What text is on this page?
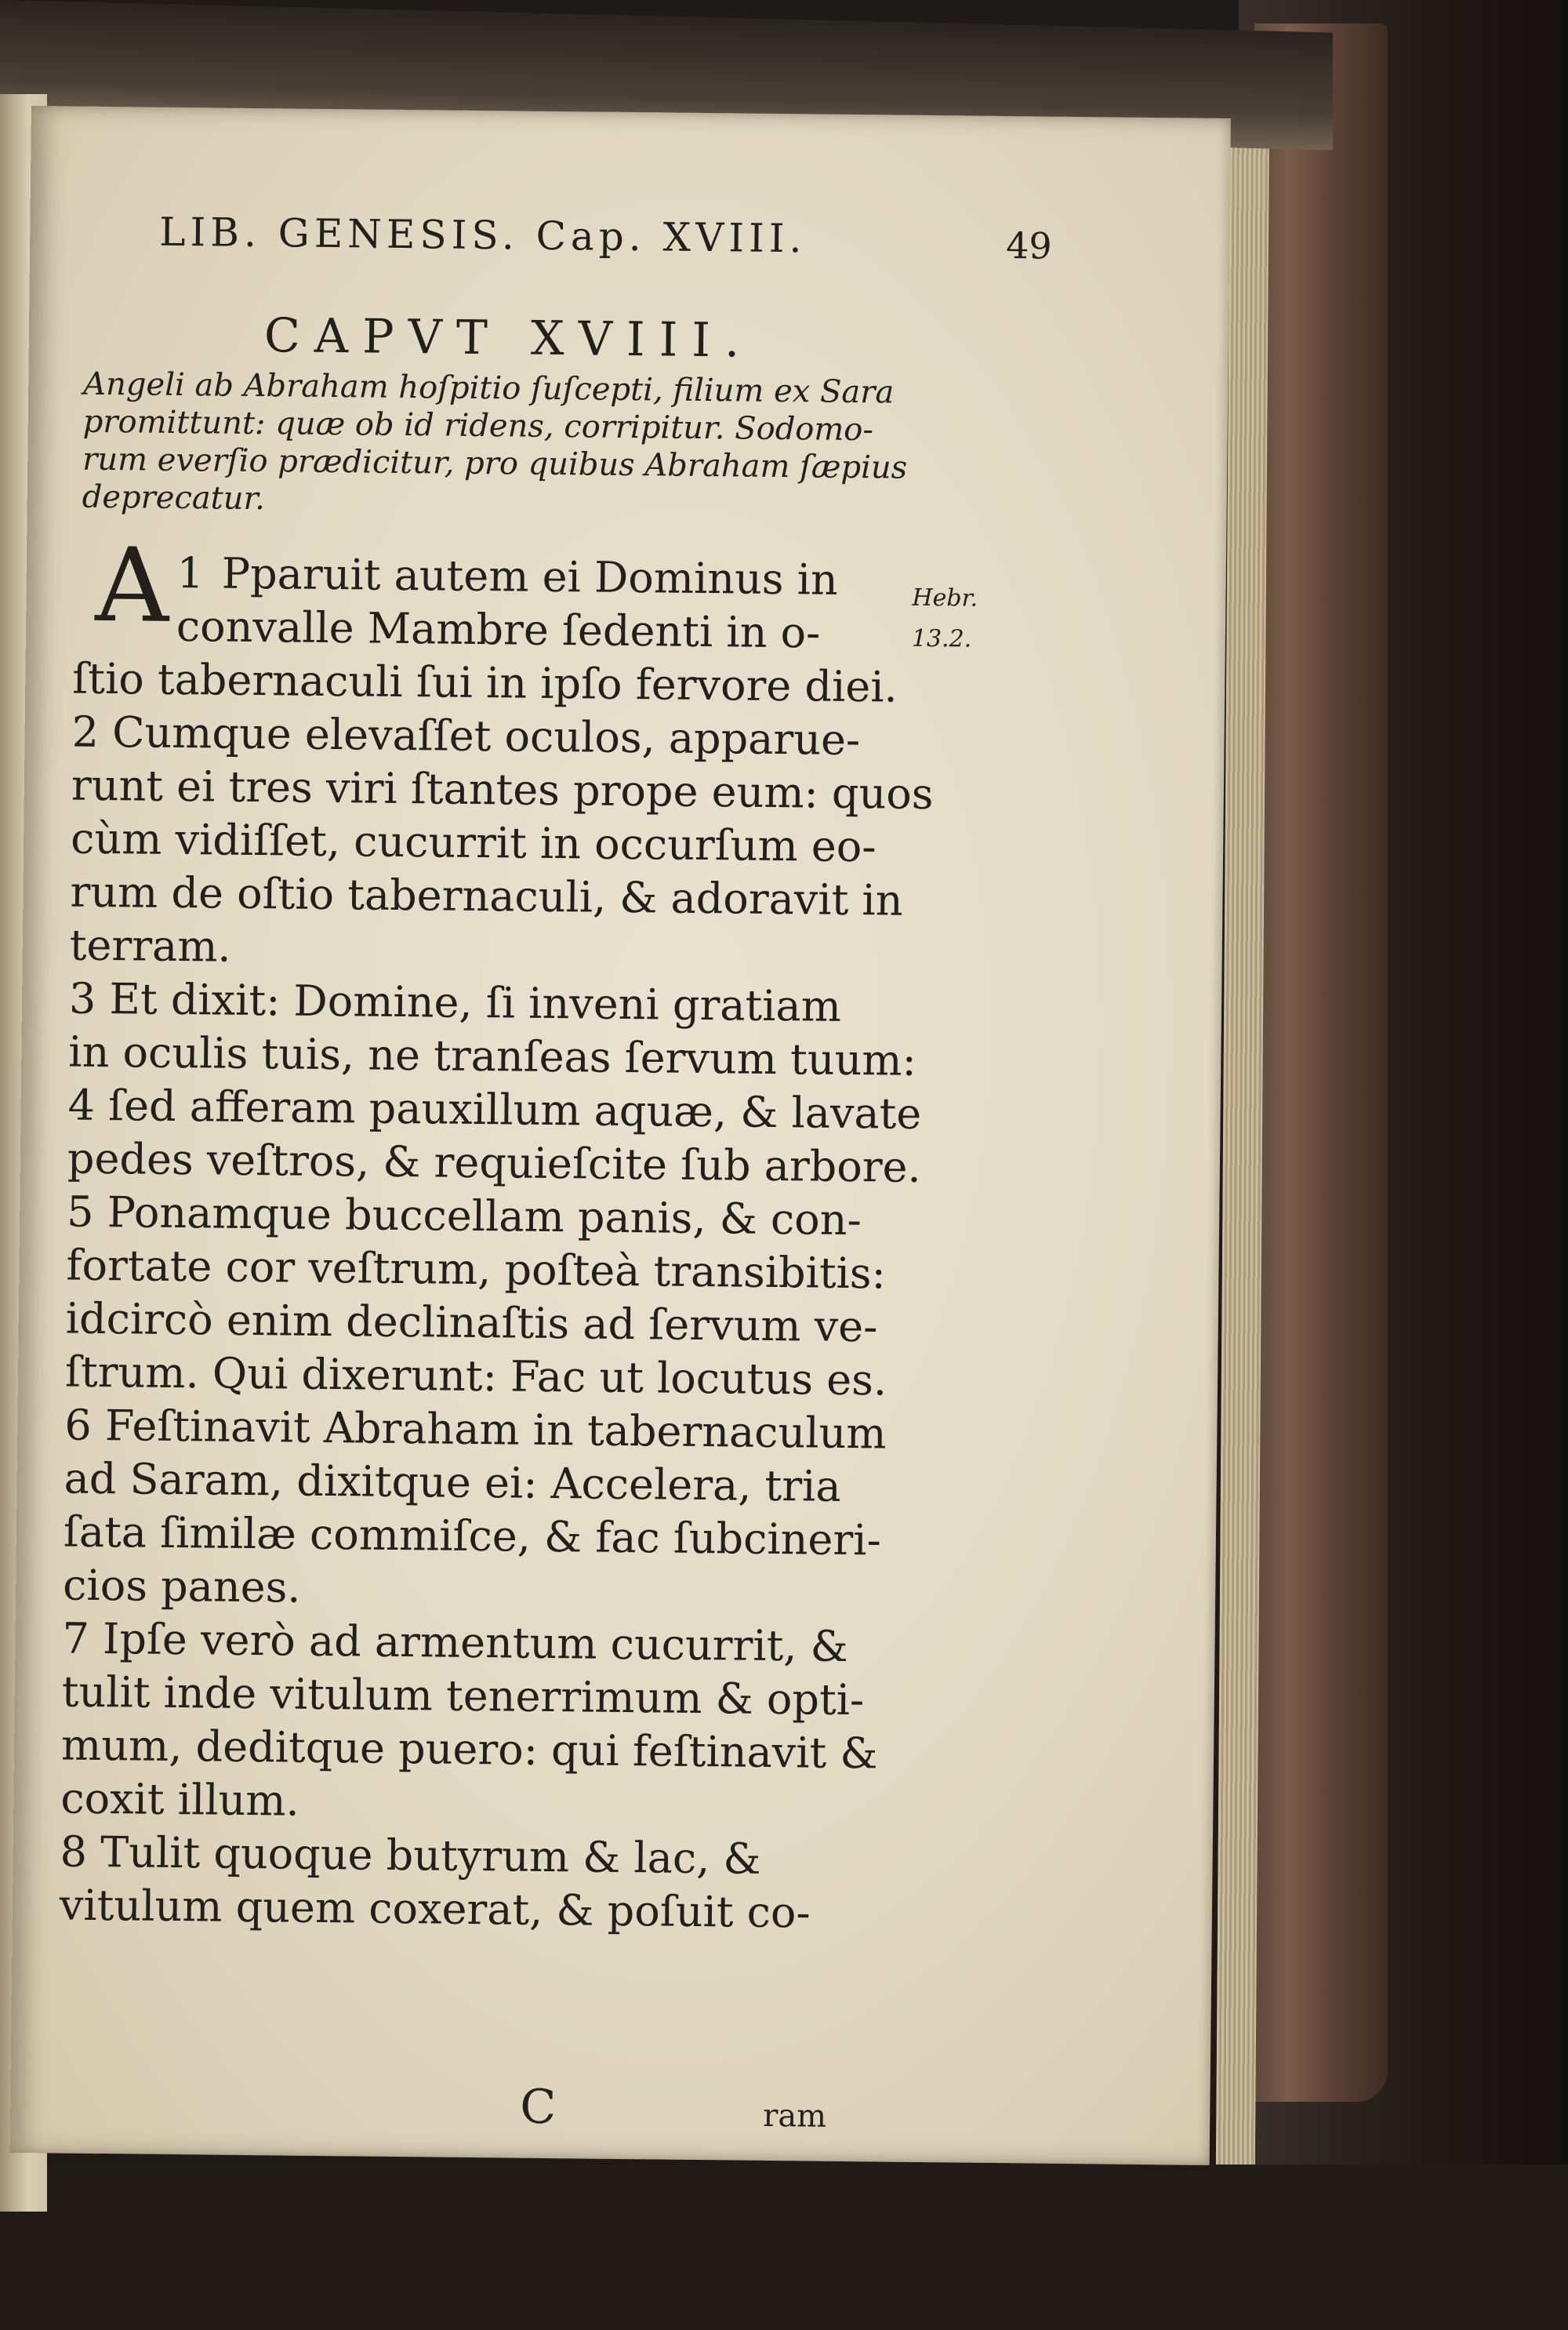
LIB. GENESIS. Cap. XVIII.	49
CAPVT XVIII.
Angeli ab Abraham hoſpitio ſuſcepti, filium ex Sara
promittunt: quæ ob id ridens, corripitur. Sodomo-
rum everſio prædicitur, pro quibus Abraham ſæpius
deprecatur.
Hebr.
13.2.
1
A Pparuit autem ei Dominus in
convalle Mambre ſedenti in o-
ſtio tabernaculi ſui in ipſo fervore diei.
2 Cumque elevaſſet oculos, apparue-
runt ei tres viri ſtantes prope eum: quos
cùm vidiſſet, cucurrit in occurſum eo-
rum de oſtio tabernaculi, & adoravit in
terram.
3 Et dixit: Domine, ſi inveni gratiam
in oculis tuis, ne tranſeas ſervum tuum:
4 ſed afferam pauxillum aquæ, & lavate
pedes veſtros, & requieſcite ſub arbore.
5 Ponamque buccellam panis, & con-
fortate cor veſtrum, poſteà transibitis:
idcircò enim declinaſtis ad ſervum ve-
ſtrum. Qui dixerunt: Fac ut locutus es.
6 Feſtinavit Abraham in tabernaculum
ad Saram, dixitque ei: Accelera, tria
ſata ſimilæ commiſce, & fac ſubcineri-
cios panes.
7 Ipſe verò ad armentum cucurrit, &
tulit inde vitulum tenerrimum & opti-
mum, deditque puero: qui feſtinavit &
coxit illum.
8 Tulit quoque butyrum & lac, &
vitulum quem coxerat, & poſuit co-
C	ram
